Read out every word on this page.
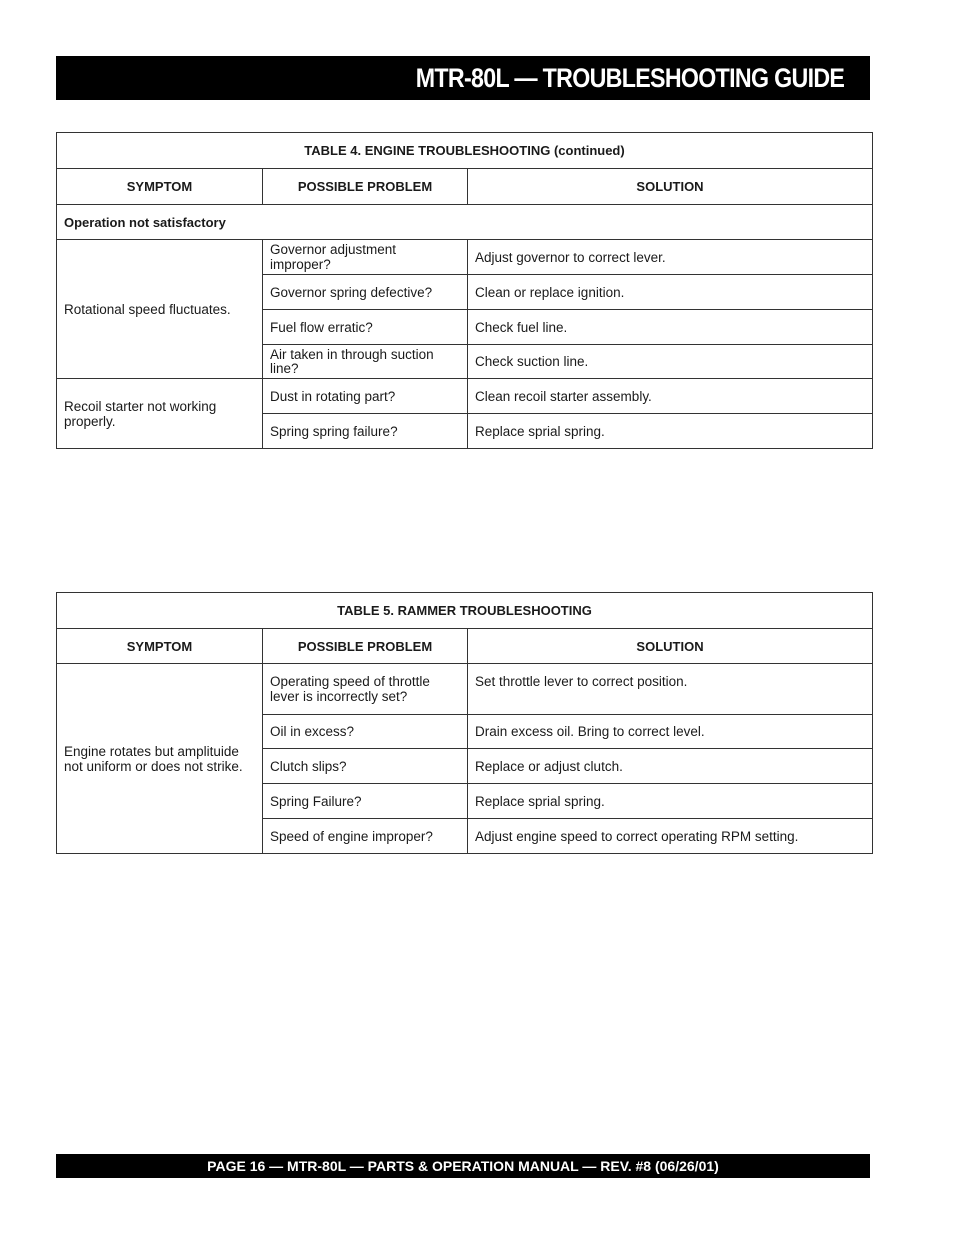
MTR-80L — TROUBLESHOOTING GUIDE
TABLE 4. ENGINE TROUBLESHOOTING (continued)		
SYMPTOM	POSSIBLE PROBLEM	SOLUTION
Operation not satisfactory		
Rotational speed fluctuates.	Governor adjustment improper?	Adjust governor to correct lever.
	Governor spring defective?	Clean or replace ignition.
	Fuel flow erratic?	Check fuel line.
	Air taken in through suction line?	Check suction line.
Recoil starter not working properly.	Dust in rotating part?	Clean recoil starter assembly.
	Spring spring failure?	Replace sprial spring.
TABLE 5. RAMMER TROUBLESHOOTING		
SYMPTOM	POSSIBLE PROBLEM	SOLUTION
Engine rotates but amplituide not uniform or does not strike.	Operating speed of throttle lever is incorrectly set?	Set throttle lever to correct position.
	Oil in excess?	Drain excess oil. Bring to correct level.
	Clutch slips?	Replace or adjust clutch.
	Spring Failure?	Replace sprial spring.
	Speed of engine improper?	Adjust engine speed to correct operating RPM setting.
PAGE 16 — MTR-80L — PARTS & OPERATION MANUAL — REV. #8 (06/26/01)
